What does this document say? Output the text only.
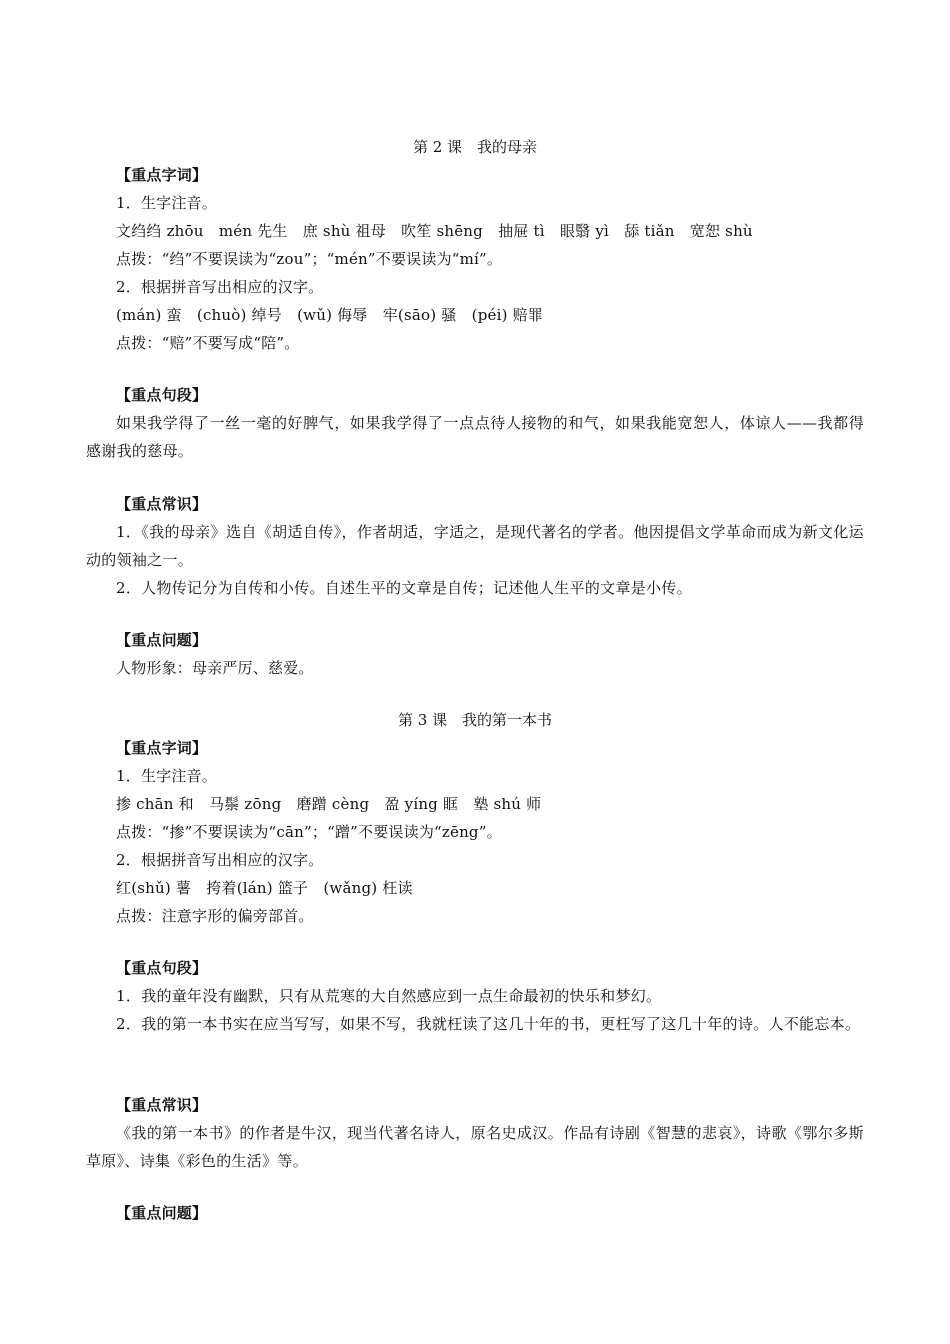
第 2 课　我的母亲
【重点字词】
1．生字注音。
文绉绉 zhōu　mén 先生　庶 shù 祖母　吹笙 shēng　抽屉 tì　眼翳 yì　舔 tiǎn　宽恕 shù
点拨：“绉”不要误读为“zou”；“mén”不要误读为“mí”。
2．根据拼音写出相应的汉字。
(mán) 蛮　(chuò) 绰号　(wǔ) 侮辱　牢(sāo) 骚　(péi) 赔罪
点拨：“赔”不要写成“陪”。
【重点句段】
如果我学得了一丝一毫的好脾气，如果我学得了一点点待人接物的和气，如果我能宽恕人，体谅人——我都得感谢我的慈母。
【重点常识】
1．《我的母亲》选自《胡适自传》，作者胡适，字适之，是现代著名的学者。他因提倡文学革命而成为新文化运动的领袖之一。
2．人物传记分为自传和小传。自述生平的文章是自传；记述他人生平的文章是小传。
【重点问题】
人物形象：母亲严厉、慈爱。
第 3 课　我的第一本书
【重点字词】
1．生字注音。
掺 chān 和　马鬃 zōng　磨蹭 cèng　盈 yíng 眶　塾 shú 师
点拨：“掺”不要误读为“cān”；“蹭”不要误读为“zēng”。
2．根据拼音写出相应的汉字。
红(shǔ) 薯　挎着(lán) 篮子　(wǎng) 枉读
点拨：注意字形的偏旁部首。
【重点句段】
1．我的童年没有幽默，只有从荒寒的大自然感应到一点生命最初的快乐和梦幻。
2．我的第一本书实在应当写写，如果不写，我就枉读了这几十年的书，更枉写了这几十年的诗。人不能忘本。
【重点常识】
《我的第一本书》的作者是牛汉，现当代著名诗人，原名史成汉。作品有诗剧《智慧的悲哀》，诗歌《鄂尔多斯草原》、诗集《彩色的生活》等。
【重点问题】
